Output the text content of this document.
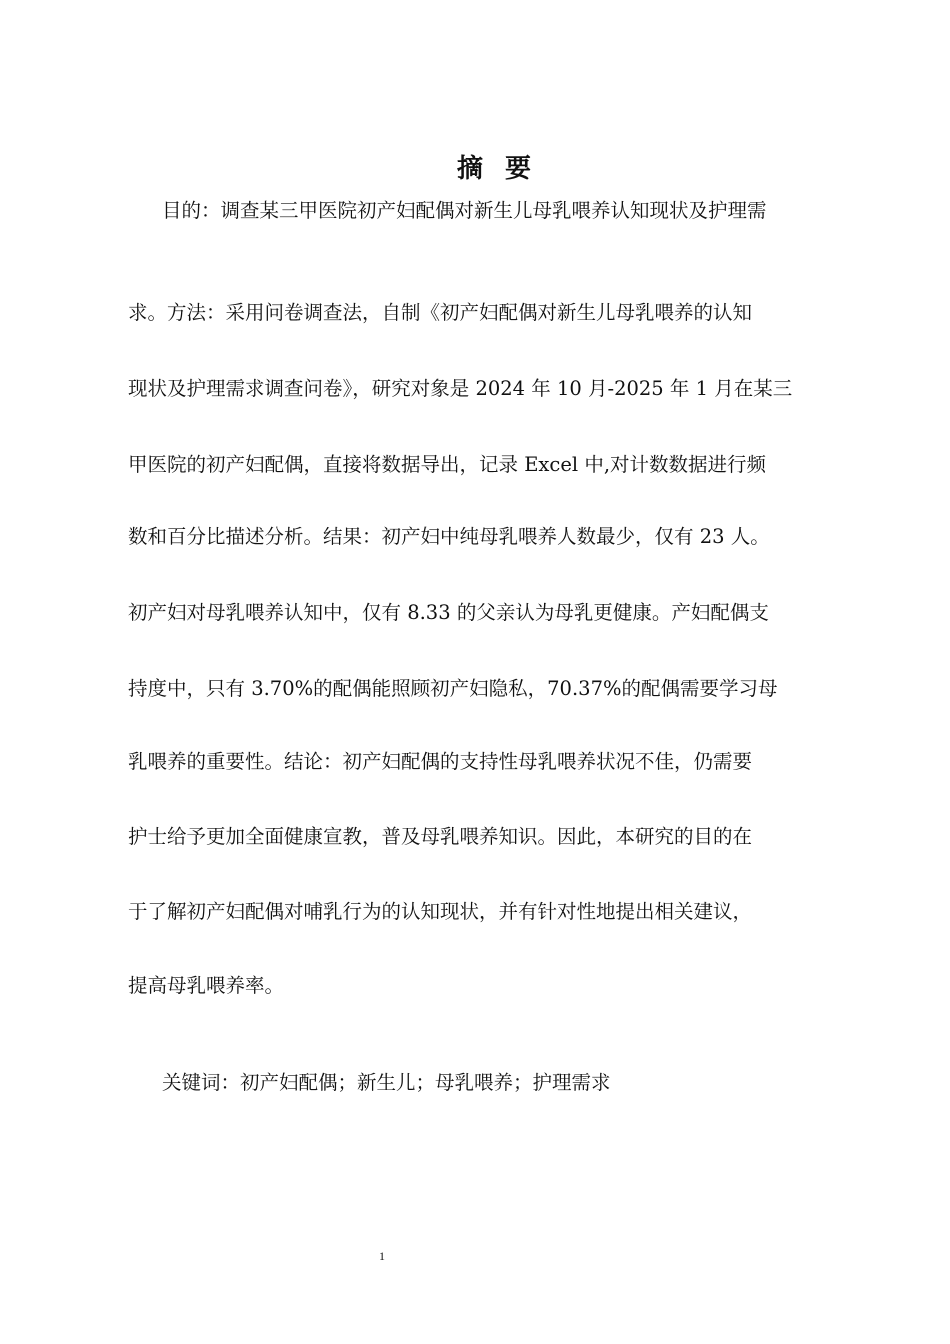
摘 要
目的：调查某三甲医院初产妇配偶对新生儿母乳喂养认知现状及护理需
求。方法：采用问卷调查法，自制《初产妇配偶对新生儿母乳喂养的认知
现状及护理需求调查问卷》，研究对象是 2024 年 10 月-2025 年 1 月在某三
甲医院的初产妇配偶，直接将数据导出，记录 Excel 中,对计数数据进行频
数和百分比描述分析。结果：初产妇中纯母乳喂养人数最少，仅有 23 人。
初产妇对母乳喂养认知中，仅有 8.33 的父亲认为母乳更健康。产妇配偶支
持度中，只有 3.70%的配偶能照顾初产妇隐私，70.37%的配偶需要学习母
乳喂养的重要性。结论：初产妇配偶的支持性母乳喂养状况不佳，仍需要
护士给予更加全面健康宣教，普及母乳喂养知识。因此，本研究的目的在
于了解初产妇配偶对哺乳行为的认知现状，并有针对性地提出相关建议，
提高母乳喂养率。
关键词：初产妇配偶；新生儿；母乳喂养；护理需求
1
